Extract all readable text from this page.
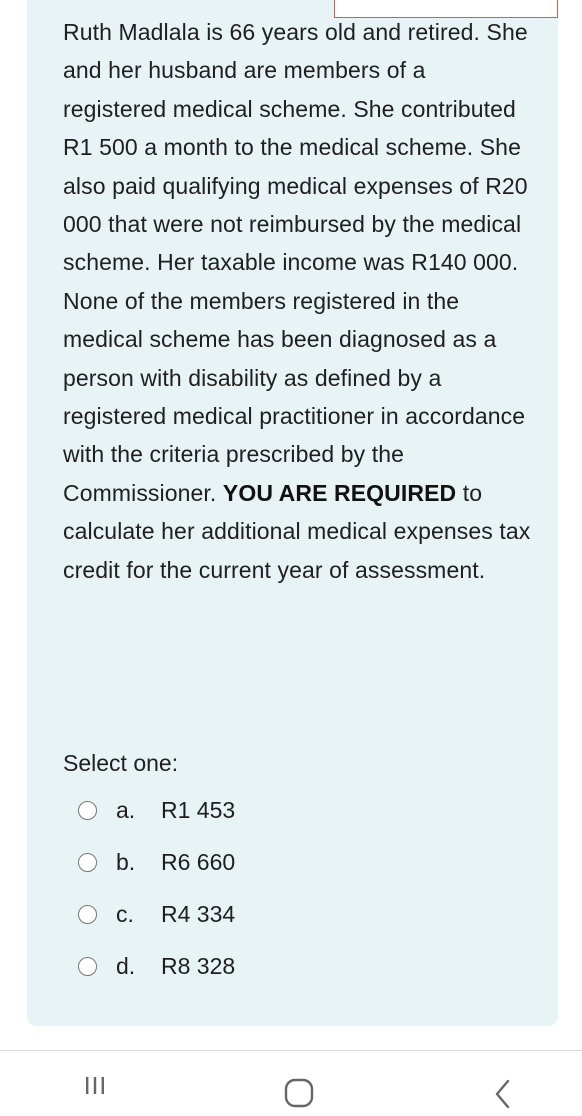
Ruth Madlala is 66 years old and retired. She and her husband are members of a registered medical scheme. She contributed R1 500 a month to the medical scheme. She also paid qualifying medical expenses of R20 000 that were not reimbursed by the medical scheme. Her taxable income was R140 000. None of the members registered in the medical scheme has been diagnosed as a person with disability as defined by a registered medical practitioner in accordance with the criteria prescribed by the Commissioner. YOU ARE REQUIRED to calculate her additional medical expenses tax credit for the current year of assessment.

Select one:

a. R1 453
b. R6 660
c. R4 334
d. R8 328
